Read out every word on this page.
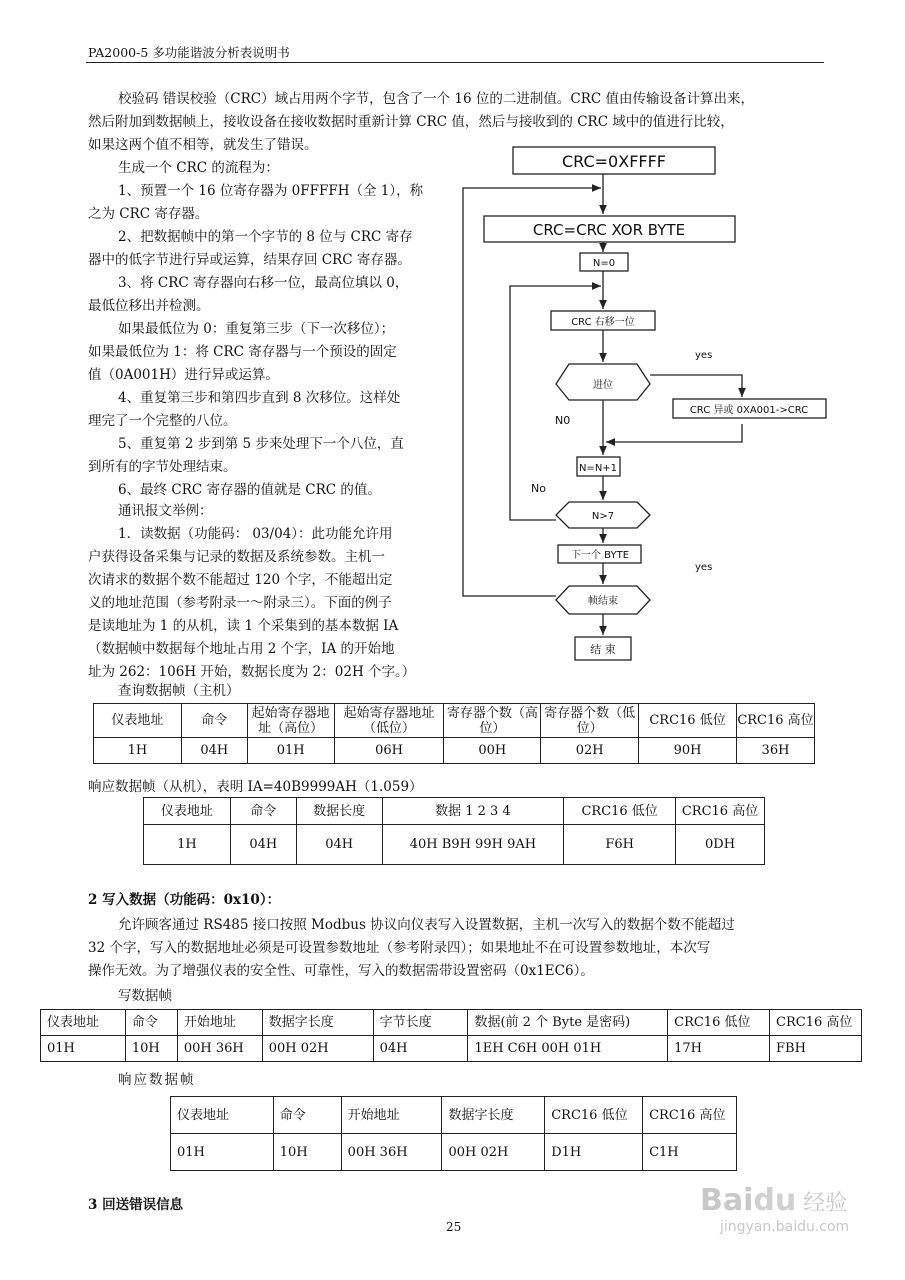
PA2000-5 多功能谐波分析表说明书
校验码 错误校验（CRC）域占用两个字节，包含了一个 16 位的二进制值。CRC 值由传输设备计算出来，
然后附加到数据帧上，接收设备在接收数据时重新计算 CRC 值，然后与接收到的 CRC 域中的值进行比较，
如果这两个值不相等，就发生了错误。
生成一个 CRC 的流程为：
1、预置一个 16 位寄存器为 0FFFFH（全 1），称
之为 CRC 寄存器。
2、把数据帧中的第一个字节的 8 位与 CRC 寄存
器中的低字节进行异或运算，结果存回 CRC 寄存器。
3、将 CRC 寄存器向右移一位，最高位填以 0，
最低位移出并检测。
如果最低位为 0：重复第三步（下一次移位）；
如果最低位为 1：将 CRC 寄存器与一个预设的固定
值（0A001H）进行异或运算。
4、重复第三步和第四步直到 8 次移位。这样处
理完了一个完整的八位。
5、重复第 2 步到第 5 步来处理下一个八位，直
到所有的字节处理结束。
6、最终 CRC 寄存器的值就是 CRC 的值。
通讯报文举例：
1．读数据（功能码： 03/04）：此功能允许用
户获得设备采集与记录的数据及系统参数。主机一
次请求的数据个数不能超过 120 个字，不能超出定
义的地址范围（参考附录一～附录三）。下面的例子
是读地址为 1 的从机，读 1 个采集到的基本数据 IA
（数据帧中数据每个地址占用 2 个字，IA 的开始地
址为 262：106H 开始，数据长度为 2：02H 个字。）
CRC=0XFFFF
CRC=CRC XOR BYTE
N=0
CRC 右移一位
进位
CRC 异或 0XA001->CRC
yes
N0
N=N+1
No
N>7
下一个 BYTE
yes
帧结束
结 束
查询数据帧（主机）
仪表地址	命令	起始寄存器地址（高位）	起始寄存器地址（低位）	寄存器个数（高位）	寄存器个数（低位）	CRC16 低位	CRC16 高位
1H	04H	01H	06H	00H	02H	90H	36H
响应数据帧（从机），表明 IA=40B9999AH（1.059）
仪表地址	命令	数据长度	数据 1 2 3 4	CRC16 低位	CRC16 高位
1H	04H	04H	40H B9H 99H 9AH	F6H	0DH
2 写入数据（功能码：0x10）：
允许顾客通过 RS485 接口按照 Modbus 协议向仪表写入设置数据，主机一次写入的数据个数不能超过
32 个字，写入的数据地址必须是可设置参数地址（参考附录四）；如果地址不在可设置参数地址，本次写
操作无效。为了增强仪表的安全性、可靠性，写入的数据需带设置密码（0x1EC6）。
写数据帧
仪表地址	命令	开始地址	数据字长度	字节长度	数据(前 2 个 Byte 是密码)	CRC16 低位	CRC16 高位
01H	10H	00H 36H	00H 02H	04H	1EH C6H 00H 01H	17H	FBH
响应数据帧
仪表地址	命令	开始地址	数据字长度	CRC16 低位	CRC16 高位
01H	10H	00H 36H	00H 02H	D1H	C1H
3 回送错误信息
25
Baidu 经验
jingyan.baidu.com
